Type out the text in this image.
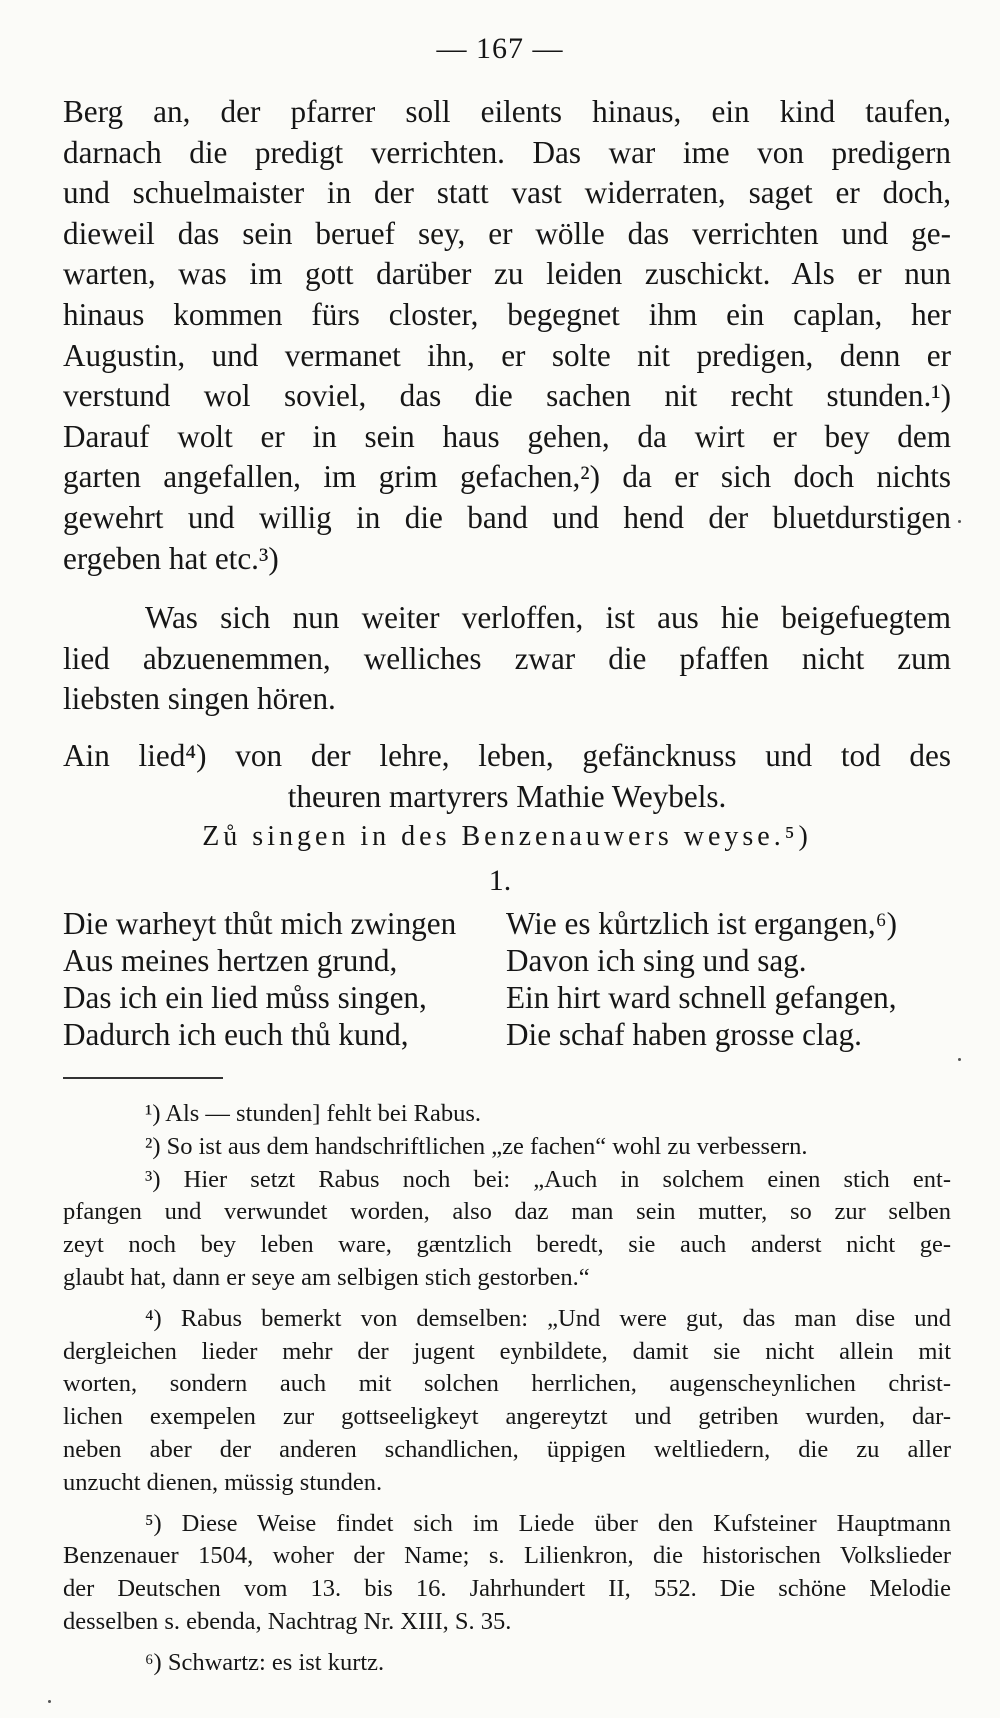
— 167 —
Berg an, der pfarrer soll eilents hinaus, ein kind taufen,
darnach die predigt verrichten. Das war ime von predigern
und schuelmaister in der statt vast widerraten, saget er doch,
dieweil das sein beruef sey, er wölle das verrichten und ge-
warten, was im gott darüber zu leiden zuschickt. Als er nun
hinaus kommen fürs closter, begegnet ihm ein caplan, her
Augustin, und vermanet ihn, er solte nit predigen, denn er
verstund wol soviel, das die sachen nit recht stunden.¹)
Darauf wolt er in sein haus gehen, da wirt er bey dem
garten angefallen, im grim gefachen,²) da er sich doch nichts
gewehrt und willig in die band und hend der bluetdurstigen
ergeben hat etc.³)
Was sich nun weiter verloffen, ist aus hie beigefuegtem
lied abzuenemmen, welliches zwar die pfaffen nicht zum
liebsten singen hören.
Ain lied⁴) von der lehre, leben, gefäncknuss und tod des
theuren martyrers Mathie Weybels.
Zů singen in des Benzenauwers weyse.⁵)
1.
Die warheyt thůt mich zwingen
Aus meines hertzen grund,
Das ich ein lied můss singen,
Dadurch ich euch thů kund,
Wie es kůrtzlich ist ergangen,⁶)
Davon ich sing und sag.
Ein hirt ward schnell gefangen,
Die schaf haben grosse clag.
¹) Als — stunden] fehlt bei Rabus.
²) So ist aus dem handschriftlichen „ze fachen“ wohl zu verbessern.
³) Hier setzt Rabus noch bei: „Auch in solchem einen stich ent-
pfangen und verwundet worden, also daz man sein mutter, so zur selben
zeyt noch bey leben ware, gæntzlich beredt, sie auch anderst nicht ge-
glaubt hat, dann er seye am selbigen stich gestorben.“
⁴) Rabus bemerkt von demselben: „Und were gut, das man dise und
dergleichen lieder mehr der jugent eynbildete, damit sie nicht allein mit
worten, sondern auch mit solchen herrlichen, augenscheynlichen christ-
lichen exempelen zur gottseeligkeyt angereytzt und getriben wurden, dar-
neben aber der anderen schandlichen, üppigen weltliedern, die zu aller
unzucht dienen, müssig stunden.
⁵) Diese Weise findet sich im Liede über den Kufsteiner Hauptmann
Benzenauer 1504, woher der Name; s. Lilienkron, die historischen Volkslieder
der Deutschen vom 13. bis 16. Jahrhundert II, 552. Die schöne Melodie
desselben s. ebenda, Nachtrag Nr. XIII, S. 35.
⁶) Schwartz: es ist kurtz.
